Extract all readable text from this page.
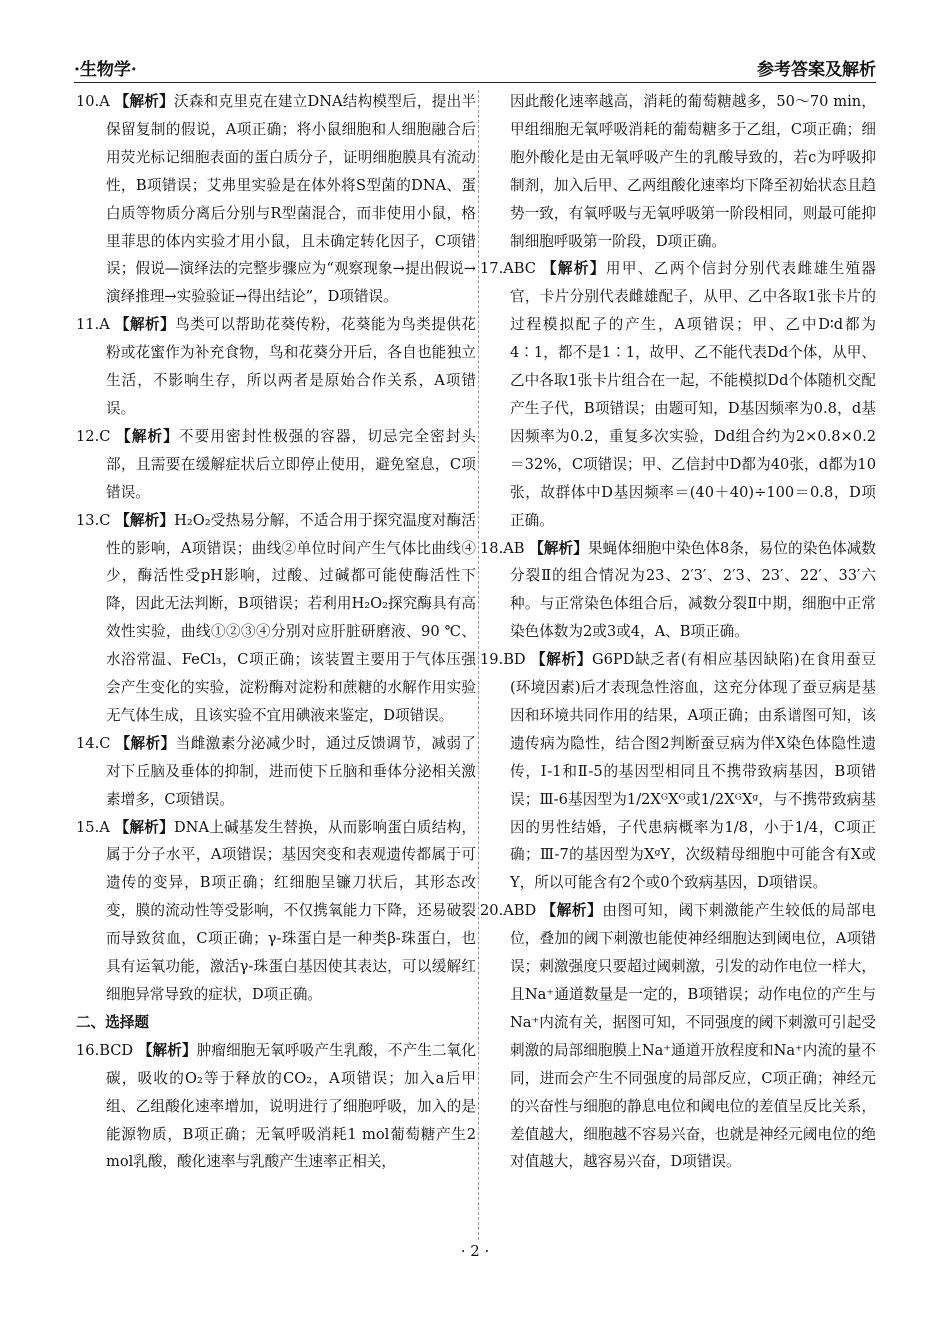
·生物学·	参考答案及解析

10.A 【解析】沃森和克里克在建立DNA结构模型后，提出半保留复制的假说，A项正确；将小鼠细胞和人细胞融合后用荧光标记细胞表面的蛋白质分子，证明细胞膜具有流动性，B项错误；艾弗里实验是在体外将S型菌的DNA、蛋白质等物质分离后分别与R型菌混合，而非使用小鼠，格里菲思的体内实验才用小鼠，且未确定转化因子，C项错误；假说—演绎法的完整步骤应为“观察现象→提出假说→演绎推理→实验验证→得出结论”，D项错误。

11.A 【解析】鸟类可以帮助花葵传粉，花葵能为鸟类提供花粉或花蜜作为补充食物，鸟和花葵分开后，各自也能独立生活，不影响生存，所以两者是原始合作关系，A项错误。

12.C 【解析】不要用密封性极强的容器，切忌完全密封头部，且需要在缓解症状后立即停止使用，避免窒息，C项错误。

13.C 【解析】H₂O₂受热易分解，不适合用于探究温度对酶活性的影响，A项错误；曲线②单位时间产生气体比曲线④少，酶活性受pH影响，过酸、过碱都可能使酶活性下降，因此无法判断，B项错误；若利用H₂O₂探究酶具有高效性实验，曲线①②③④分别对应肝脏研磨液、90 ℃、水浴常温、FeCl₃，C项正确；该装置主要用于气体压强会产生变化的实验，淀粉酶对淀粉和蔗糖的水解作用实验无气体生成，且该实验不宜用碘液来鉴定，D项错误。

14.C 【解析】当雌激素分泌减少时，通过反馈调节，减弱了对下丘脑及垂体的抑制，进而使下丘脑和垂体分泌相关激素增多，C项错误。

15.A 【解析】DNA上碱基发生替换，从而影响蛋白质结构，属于分子水平，A项错误；基因突变和表观遗传都属于可遗传的变异，B项正确；红细胞呈镰刀状后，其形态改变，膜的流动性等受影响，不仅携氧能力下降，还易破裂而导致贫血，C项正确；γ-珠蛋白是一种类β-珠蛋白，也具有运氧功能，激活γ-珠蛋白基因使其表达，可以缓解红细胞异常导致的症状，D项正确。

二、选择题

16.BCD 【解析】肿瘤细胞无氧呼吸产生乳酸，不产生二氧化碳，吸收的O₂等于释放的CO₂，A项错误；加入a后甲组、乙组酸化速率增加，说明进行了细胞呼吸，加入的是能源物质，B项正确；无氧呼吸消耗1 mol葡萄糖产生2 mol乳酸，酸化速率与乳酸产生速率正相关，

因此酸化速率越高，消耗的葡萄糖越多，50～70 min，甲组细胞无氧呼吸消耗的葡萄糖多于乙组，C项正确；细胞外酸化是由无氧呼吸产生的乳酸导致的，若c为呼吸抑制剂，加入后甲、乙两组酸化速率均下降至初始状态且趋势一致，有氧呼吸与无氧呼吸第一阶段相同，则最可能抑制细胞呼吸第一阶段，D项正确。

17.ABC 【解析】用甲、乙两个信封分别代表雌雄生殖器官，卡片分别代表雌雄配子，从甲、乙中各取1张卡片的过程模拟配子的产生，A项错误；甲、乙中D∶d都为4∶1，都不是1∶1，故甲、乙不能代表Dd个体，从甲、乙中各取1张卡片组合在一起，不能模拟Dd个体随机交配产生子代，B项错误；由题可知，D基因频率为0.8，d基因频率为0.2，重复多次实验，Dd组合约为2×0.8×0.2＝32%，C项错误；甲、乙信封中D都为40张，d都为10张，故群体中D基因频率＝(40＋40)÷100＝0.8，D项正确。

18.AB 【解析】果蝇体细胞中染色体8条，易位的染色体减数分裂Ⅱ的组合情况为23、2′3′、2′3、23′、22′、33′六种。与正常染色体组合后，减数分裂Ⅱ中期，细胞中正常染色体数为2或3或4，A、B项正确。

19.BD 【解析】G6PD缺乏者(有相应基因缺陷)在食用蚕豆(环境因素)后才表现急性溶血，这充分体现了蚕豆病是基因和环境共同作用的结果，A项正确；由系谱图可知，该遗传病为隐性，结合图2判断蚕豆病为伴X染色体隐性遗传，Ⅰ-1和Ⅱ-5的基因型相同且不携带致病基因，B项错误；Ⅲ-6基因型为1/2XᴳXᴳ或1/2XᴳXᵍ，与不携带致病基因的男性结婚，子代患病概率为1/8，小于1/4，C项正确；Ⅲ-7的基因型为XᵍY，次级精母细胞中可能含有X或Y，所以可能含有2个或0个致病基因，D项错误。

20.ABD 【解析】由图可知，阈下刺激能产生较低的局部电位，叠加的阈下刺激也能使神经细胞达到阈电位，A项错误；刺激强度只要超过阈刺激，引发的动作电位一样大，且Na⁺通道数量是一定的，B项错误；动作电位的产生与Na⁺内流有关，据图可知，不同强度的阈下刺激可引起受刺激的局部细胞膜上Na⁺通道开放程度和Na⁺内流的量不同，进而会产生不同强度的局部反应，C项正确；神经元的兴奋性与细胞的静息电位和阈电位的差值呈反比关系，差值越大，细胞越不容易兴奋，也就是神经元阈电位的绝对值越大，越容易兴奋，D项错误。

· 2 ·
